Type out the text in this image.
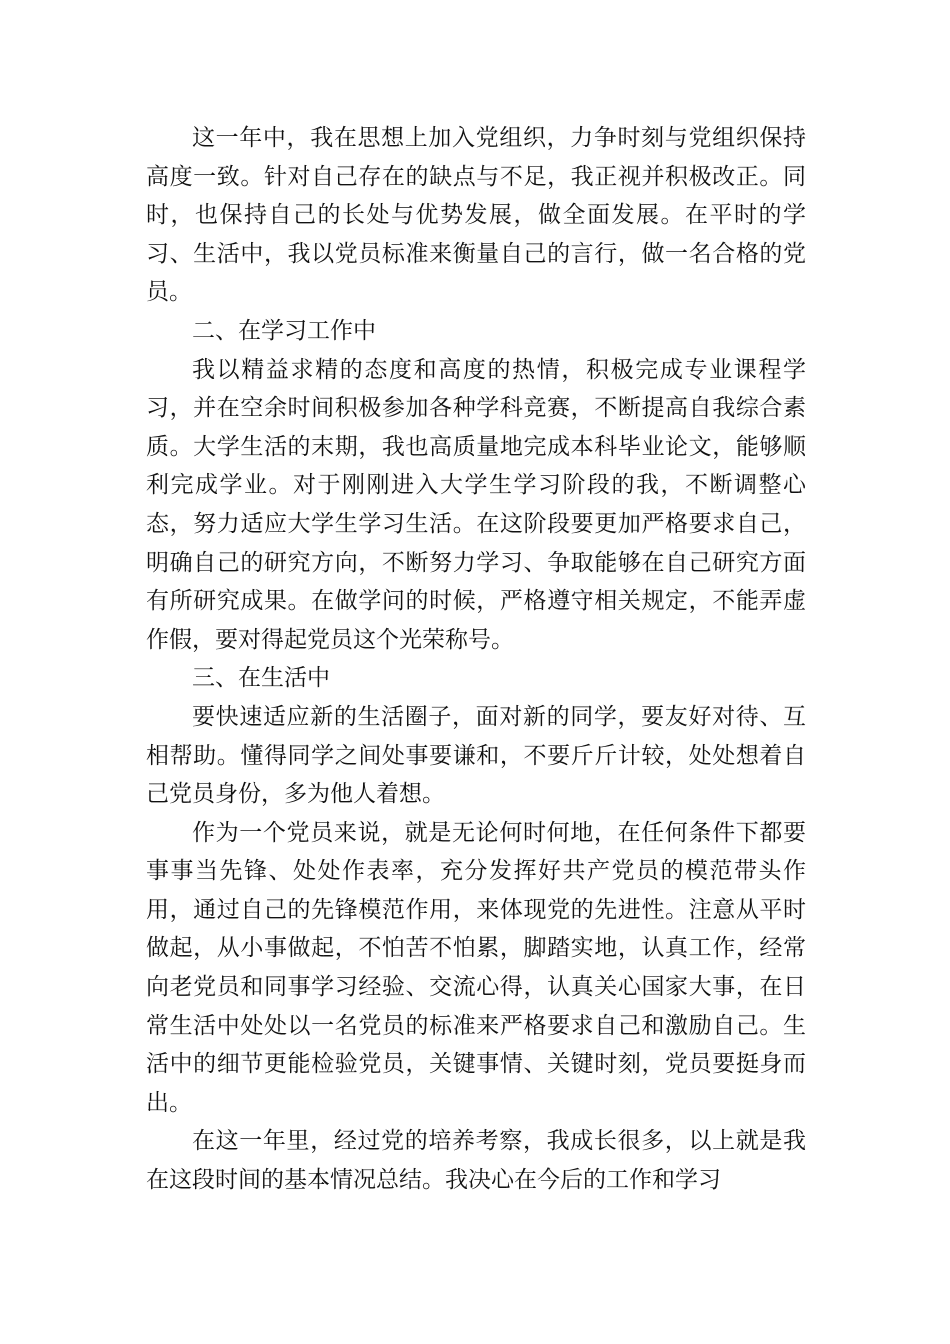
这一年中，我在思想上加入党组织，力争时刻与党组织保持高度一致。针对自己存在的缺点与不足，我正视并积极改正。同时，也保持自己的长处与优势发展，做全面发展。在平时的学习、生活中，我以党员标准来衡量自己的言行，做一名合格的党员。

二、在学习工作中

我以精益求精的态度和高度的热情，积极完成专业课程学习，并在空余时间积极参加各种学科竞赛，不断提高自我综合素质。大学生活的末期，我也高质量地完成本科毕业论文，能够顺利完成学业。对于刚刚进入大学生学习阶段的我，不断调整心态，努力适应大学生学习生活。在这阶段要更加严格要求自己，明确自己的研究方向，不断努力学习、争取能够在自己研究方面有所研究成果。在做学问的时候，严格遵守相关规定，不能弄虚作假，要对得起党员这个光荣称号。

三、在生活中

要快速适应新的生活圈子，面对新的同学，要友好对待、互相帮助。懂得同学之间处事要谦和，不要斤斤计较，处处想着自己党员身份，多为他人着想。

作为一个党员来说，就是无论何时何地，在任何条件下都要事事当先锋、处处作表率，充分发挥好共产党员的模范带头作用，通过自己的先锋模范作用，来体现党的先进性。注意从平时做起，从小事做起，不怕苦不怕累，脚踏实地，认真工作，经常向老党员和同事学习经验、交流心得，认真关心国家大事，在日常生活中处处以一名党员的标准来严格要求自己和激励自己。生活中的细节更能检验党员，关键事情、关键时刻，党员要挺身而出。

在这一年里，经过党的培养考察，我成长很多，以上就是我在这段时间的基本情况总结。我决心在今后的工作和学习
